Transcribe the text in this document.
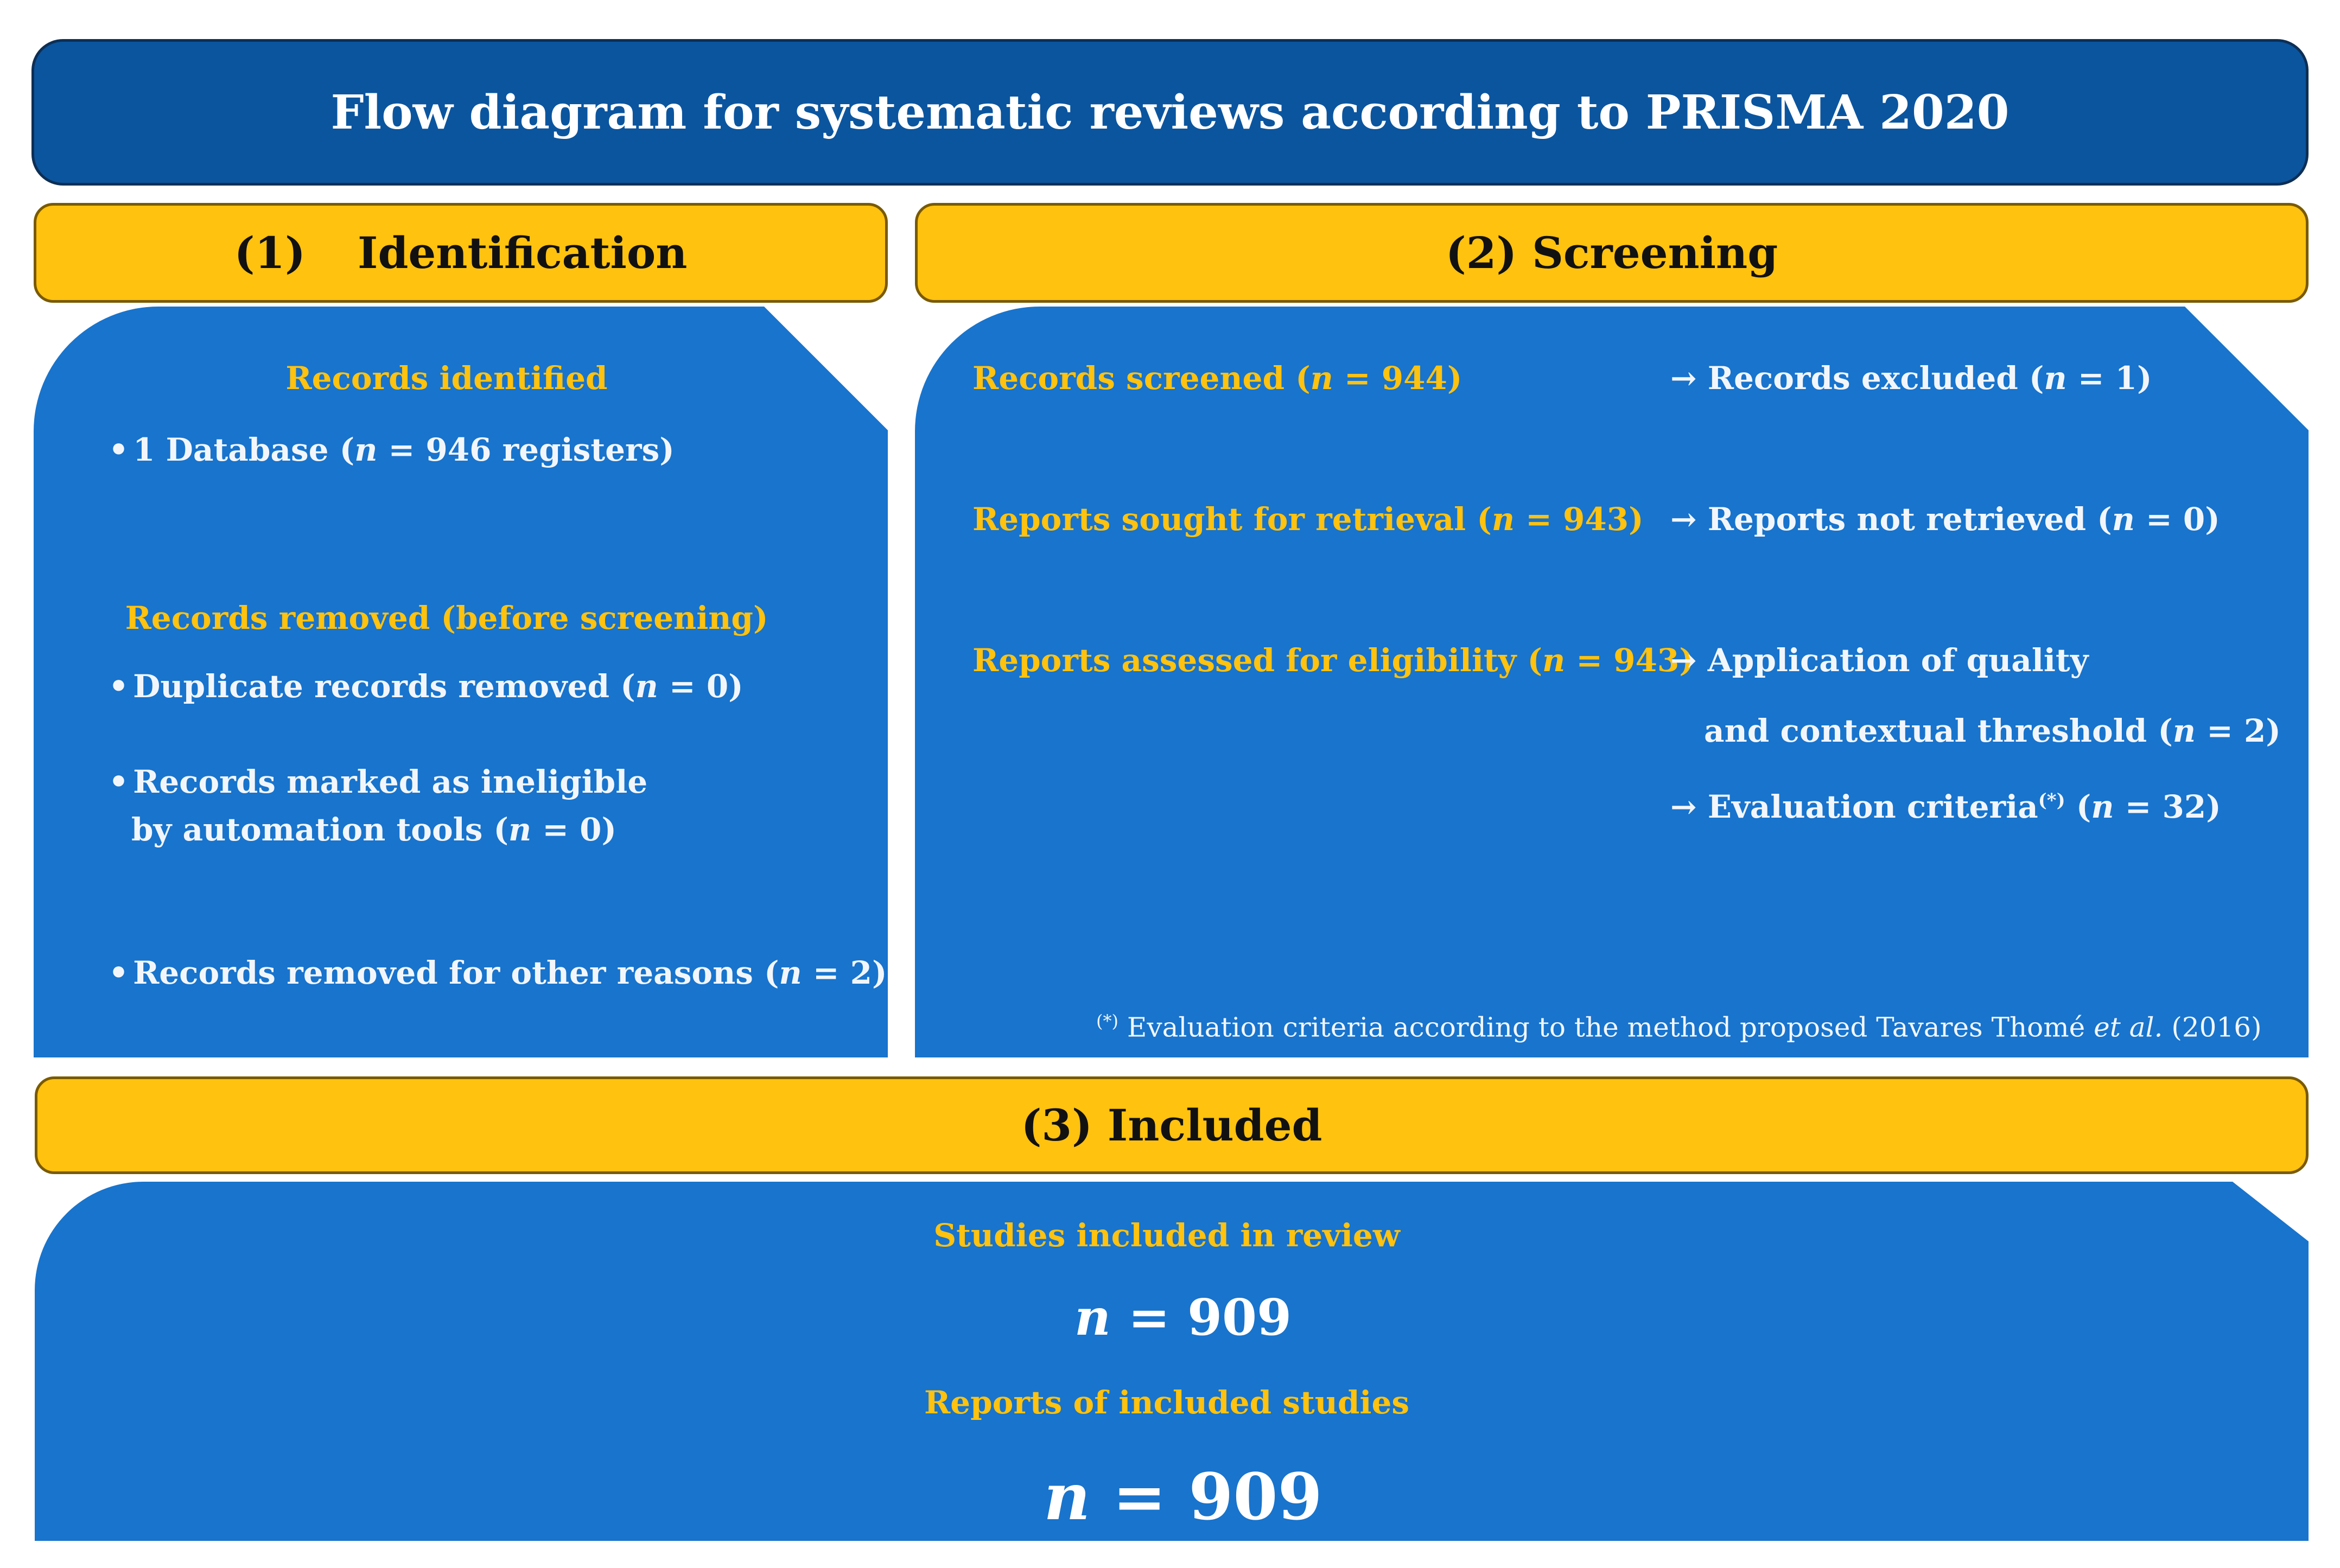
Flow diagram for systematic reviews according to PRISMA 2020
(1) Identification	(2) Screening
(3) Included
Records identified
• 1 Database (n = 946 registers)
Records removed (before screening)
• Duplicate records removed (n = 0)
• Records marked as ineligible
by automation tools (n = 0)
• Records removed for other reasons (n = 2)
Records screened (n = 944)	→ Records excluded (n = 1)
Reports sought for retrieval (n = 943) → Reports not retrieved (n = 0)
Reports assessed for eligibility (n = 943)
→ Application of quality
and contextual threshold (n = 2)
→ Evaluation criteria(*) (n = 32)
(*) Evaluation criteria according to the method proposed Tavares Thomé et al. (2016)
Studies included in review
n = 909
Reports of included studies
n = 909
